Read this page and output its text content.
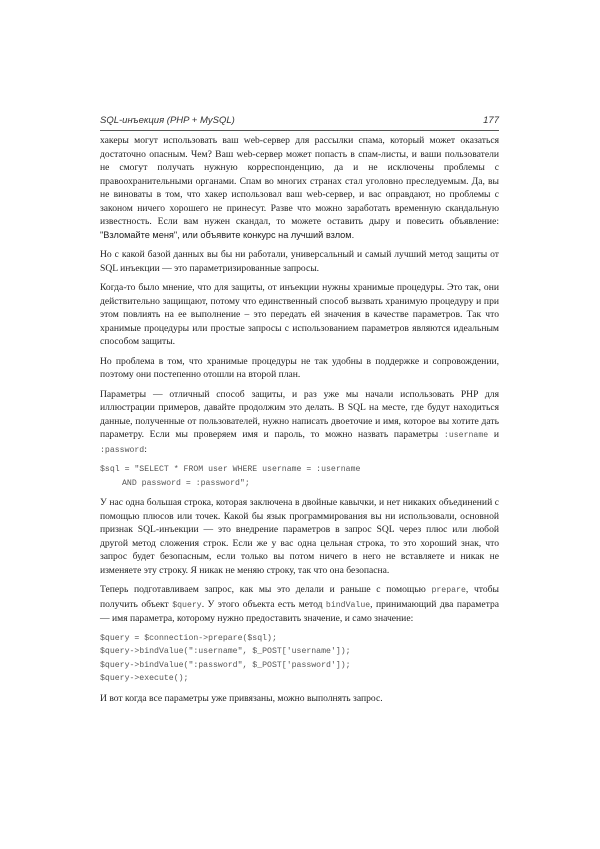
SQL-инъекция (PHP + MySQL)	177

хакеры могут использовать ваш web-сервер для рассылки спама, который может оказаться достаточно опасным. Чем? Ваш web-сервер может попасть в спам-листы, и ваши пользователи не смогут получать нужную корреспонденцию, да и не исключены проблемы с правоохранительными органами. Спам во многих странах стал уголовно преследуемым. Да, вы не виноваты в том, что хакер использовал ваш web-сервер, и вас оправдают, но проблемы с законом ничего хорошего не принесут. Разве что можно заработать временную скандальную известность. Если вам нужен скандал, то можете оставить дыру и повесить объявление: "Взломайте меня", или объявите конкурс на лучший взлом.

Но с какой базой данных вы бы ни работали, универсальный и самый лучший метод защиты от SQL инъекции — это параметризированные запросы.

Когда-то было мнение, что для защиты, от инъекции нужны хранимые процедуры. Это так, они действительно защищают, потому что единственный способ вызвать хранимую процедуру и при этом повлиять на ее выполнение – это передать ей значения в качестве параметров. Так что хранимые процедуры или простые запросы с использованием параметров являются идеальным способом защиты.

Но проблема в том, что хранимые процедуры не так удобны в поддержке и сопровождении, поэтому они постепенно отошли на второй план.

Параметры — отличный способ защиты, и раз уже мы начали использовать PHP для иллюстрации примеров, давайте продолжим это делать. В SQL на месте, где будут находиться данные, полученные от пользователей, нужно написать двоеточие и имя, которое вы хотите дать параметру. Если мы проверяем имя и пароль, то можно назвать параметры :username и :password:

$sql = "SELECT * FROM user WHERE username = :username
AND password = :password";

У нас одна большая строка, которая заключена в двойные кавычки, и нет никаких объединений с помощью плюсов или точек. Какой бы язык программирования вы ни использовали, основной признак SQL-инъекции — это внедрение параметров в запрос SQL через плюс или любой другой метод сложения строк. Если же у вас одна цельная строка, то это хороший знак, что запрос будет безопасным, если только вы потом ничего в него не вставляете и никак не изменяете эту строку. Я никак не меняю строку, так что она безопасна.

Теперь подготавливаем запрос, как мы это делали и раньше с помощью prepare, чтобы получить объект $query. У этого объекта есть метод bindValue, принимающий два параметра — имя параметра, которому нужно предоставить значение, и само значение:

$query = $connection->prepare($sql);
$query->bindValue(":username", $_POST['username']);
$query->bindValue(":password", $_POST['password']);
$query->execute();

И вот когда все параметры уже привязаны, можно выполнять запрос.
